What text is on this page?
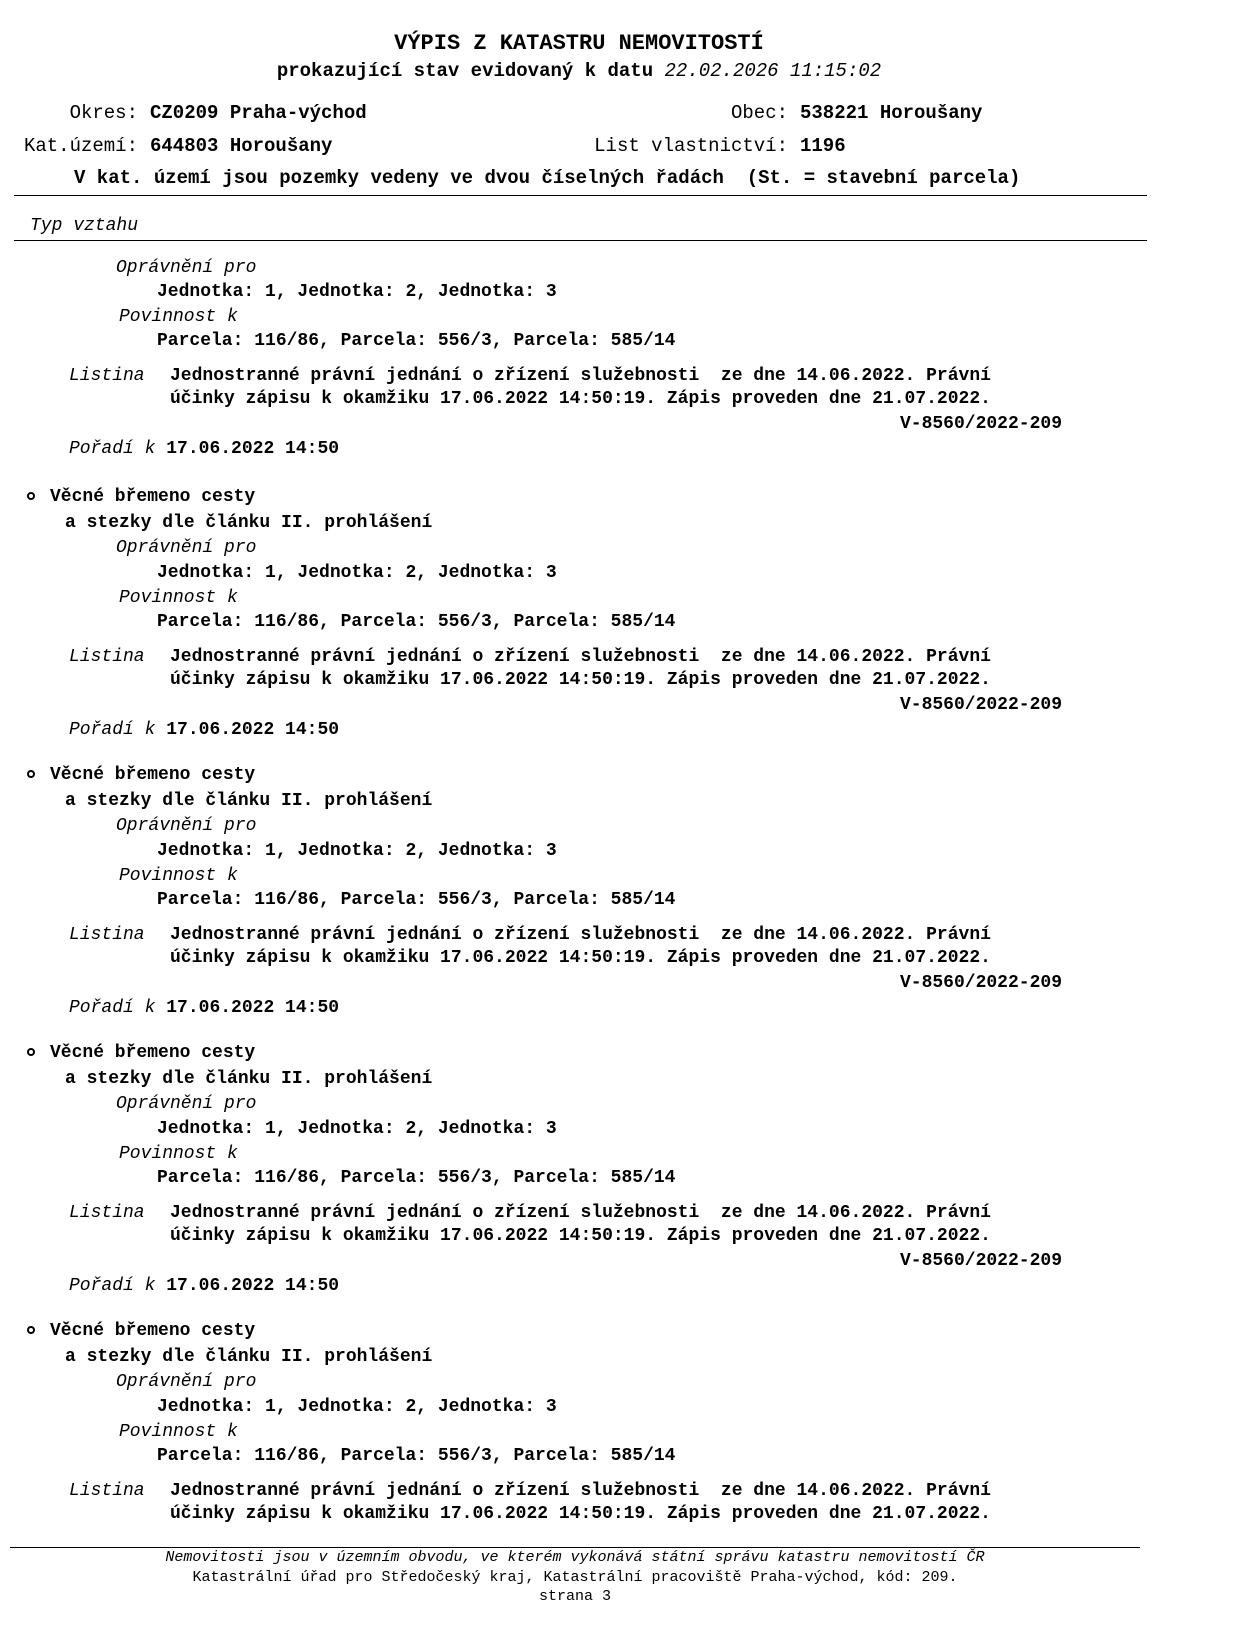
VÝPIS Z KATASTRU NEMOVITOSTÍ
prokazující stav evidovaný k datu 22.02.2026 11:15:02
Okres: CZ0209 Praha-východ	Obec: 538221 Horoušany
Kat.území: 644803 Horoušany	List vlastnictví: 1196
V kat. území jsou pozemky vedeny ve dvou číselných řadách  (St. = stavební parcela)
Typ vztahu
Oprávnění pro
Jednotka: 1, Jednotka: 2, Jednotka: 3
Povinnost k
Parcela: 116/86, Parcela: 556/3, Parcela: 585/14
Listina Jednostranné právní jednání o zřízení služebnosti  ze dne 14.06.2022. Právní
účinky zápisu k okamžiku 17.06.2022 14:50:19. Zápis proveden dne 21.07.2022.
V-8560/2022-209
Pořadí k 17.06.2022 14:50
Věcné břemeno cesty
a stezky dle článku II. prohlášení
Oprávnění pro
Jednotka: 1, Jednotka: 2, Jednotka: 3
Povinnost k
Parcela: 116/86, Parcela: 556/3, Parcela: 585/14
Listina Jednostranné právní jednání o zřízení služebnosti  ze dne 14.06.2022. Právní
účinky zápisu k okamžiku 17.06.2022 14:50:19. Zápis proveden dne 21.07.2022.
V-8560/2022-209
Pořadí k 17.06.2022 14:50
Věcné břemeno cesty
a stezky dle článku II. prohlášení
Oprávnění pro
Jednotka: 1, Jednotka: 2, Jednotka: 3
Povinnost k
Parcela: 116/86, Parcela: 556/3, Parcela: 585/14
Listina Jednostranné právní jednání o zřízení služebnosti  ze dne 14.06.2022. Právní
účinky zápisu k okamžiku 17.06.2022 14:50:19. Zápis proveden dne 21.07.2022.
V-8560/2022-209
Pořadí k 17.06.2022 14:50
Věcné břemeno cesty
a stezky dle článku II. prohlášení
Oprávnění pro
Jednotka: 1, Jednotka: 2, Jednotka: 3
Povinnost k
Parcela: 116/86, Parcela: 556/3, Parcela: 585/14
Listina Jednostranné právní jednání o zřízení služebnosti  ze dne 14.06.2022. Právní
účinky zápisu k okamžiku 17.06.2022 14:50:19. Zápis proveden dne 21.07.2022.
V-8560/2022-209
Pořadí k 17.06.2022 14:50
Věcné břemeno cesty
a stezky dle článku II. prohlášení
Oprávnění pro
Jednotka: 1, Jednotka: 2, Jednotka: 3
Povinnost k
Parcela: 116/86, Parcela: 556/3, Parcela: 585/14
Listina Jednostranné právní jednání o zřízení služebnosti  ze dne 14.06.2022. Právní
účinky zápisu k okamžiku 17.06.2022 14:50:19. Zápis proveden dne 21.07.2022.
Nemovitosti jsou v územním obvodu, ve kterém vykonává státní správu katastru nemovitostí ČR
Katastrální úřad pro Středočeský kraj, Katastrální pracoviště Praha-východ, kód: 209.
strana 3
